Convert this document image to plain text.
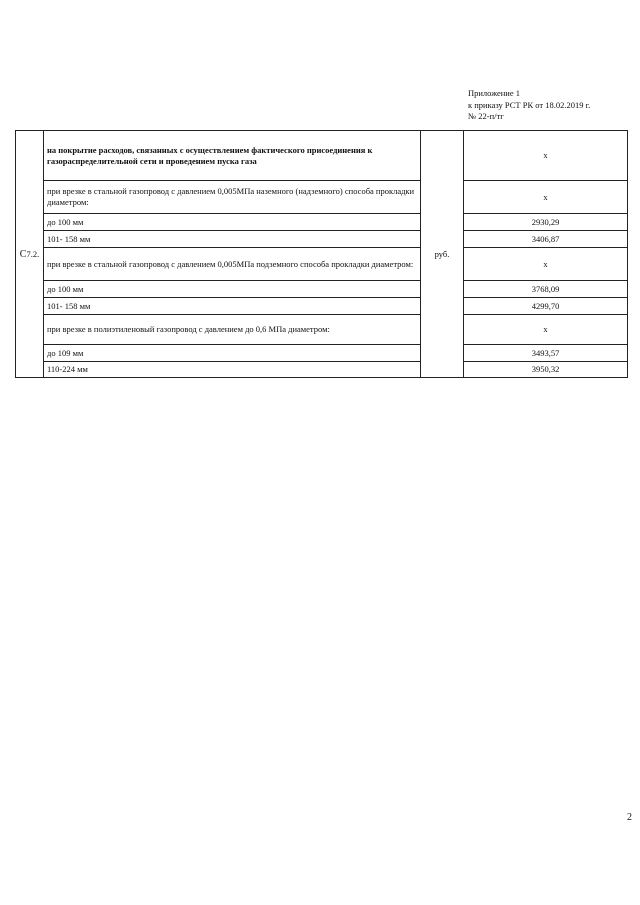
Приложение 1
к приказу РСТ РК от 18.02.2019 г.
№ 22-п/тг
С7.2.	на покрытие расходов, связанных с осуществлением фактического присоединения к газораспределительной сети и проведением пуска газа	руб.	х
	при врезке в стальной газопровод с давлением 0,005МПа наземного (надземного) способа прокладки диаметром:		х
	до 100 мм		2930,29
	101- 158 мм		3406,87
	при врезке в стальной газопровод с давлением 0,005МПа подземного способа прокладки диаметром:		х
	до 100 мм		3768,09
	101- 158 мм		4299,70
	при врезке в полиэтиленовый газопровод с давлением до 0,6 МПа диаметром:		х
	до 109 мм		3493,57
	110-224 мм		3950,32
2
